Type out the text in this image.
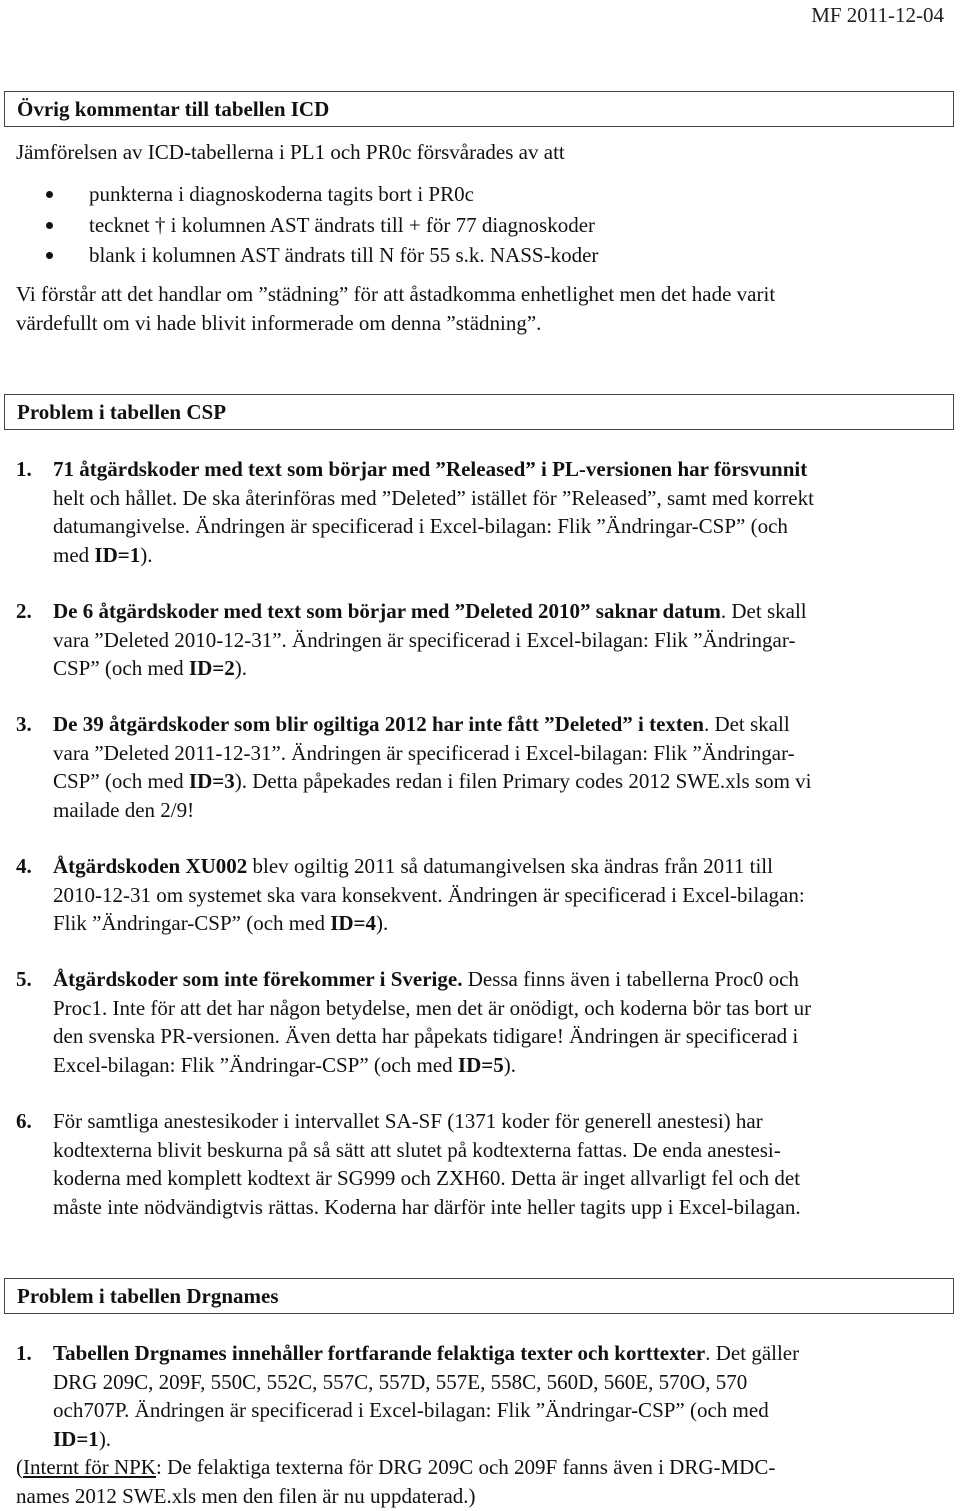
MF 2011-12-04
Övrig kommentar till tabellen ICD

Jämförelsen av ICD-tabellerna i PL1 och PR0c försvårades av att

punkterna i diagnoskoderna tagits bort i PR0c
tecknet † i kolumnen AST ändrats till + för 77 diagnoskoder
blank i kolumnen AST ändrats till N för 55 s.k. NASS-koder

Vi förstår att det handlar om ”städning” för att åstadkomma enhetlighet men det hade varit

värdefullt om vi hade blivit informerade om denna ”städning”.

Problem i tabellen CSP
1. 71 åtgärdskoder med text som börjar med ”Released” i PL-versionen har försvunnit

helt och hållet. De ska återinföras med ”Deleted” istället för ”Released”, samt med korrekt

datumangivelse. Ändringen är specificerad i Excel-bilagan: Flik ”Ändringar-CSP” (och

med ID=1).

2. De 6 åtgärdskoder med text som börjar med ”Deleted 2010” saknar datum. Det skall

vara ”Deleted 2010-12-31”. Ändringen är specificerad i Excel-bilagan: Flik ”Ändringar-

CSP” (och med ID=2).

3. De 39 åtgärdskoder som blir ogiltiga 2012 har inte fått ”Deleted” i texten. Det skall

vara ”Deleted 2011-12-31”. Ändringen är specificerad i Excel-bilagan: Flik ”Ändringar-

CSP” (och med ID=3). Detta påpekades redan i filen Primary codes 2012 SWE.xls som vi

mailade den 2/9!

4. Åtgärdskoden XU002 blev ogiltig 2011 så datumangivelsen ska ändras från 2011 till

2010-12-31 om systemet ska vara konsekvent. Ändringen är specificerad i Excel-bilagan:

Flik ”Ändringar-CSP” (och med ID=4).

5. Åtgärdskoder som inte förekommer i Sverige. Dessa finns även i tabellerna Proc0 och

Proc1. Inte för att det har någon betydelse, men det är onödigt, och koderna bör tas bort ur

den svenska PR-versionen. Även detta har påpekats tidigare! Ändringen är specificerad i

Excel-bilagan: Flik ”Ändringar-CSP” (och med ID=5).

6. För samtliga anestesikoder i intervallet SA-SF (1371 koder för generell anestesi) har

kodtexterna blivit beskurna på så sätt att slutet på kodtexterna fattas. De enda anestesi-

koderna med komplett kodtext är SG999 och ZXH60. Detta är inget allvarligt fel och det

måste inte nödvändigtvis rättas. Koderna har därför inte heller tagits upp i Excel-bilagan.

Problem i tabellen Drgnames
1. Tabellen Drgnames innehåller fortfarande felaktiga texter och korttexter. Det gäller

DRG 209C, 209F, 550C, 552C, 557C, 557D, 557E, 558C, 560D, 560E, 570O, 570

och707P. Ändringen är specificerad i Excel-bilagan: Flik ”Ändringar-CSP” (och med

ID=1).

(Internt för NPK: De felaktiga texterna för DRG 209C och 209F fanns även i DRG-MDC-

names 2012 SWE.xls men den filen är nu uppdaterad.)
